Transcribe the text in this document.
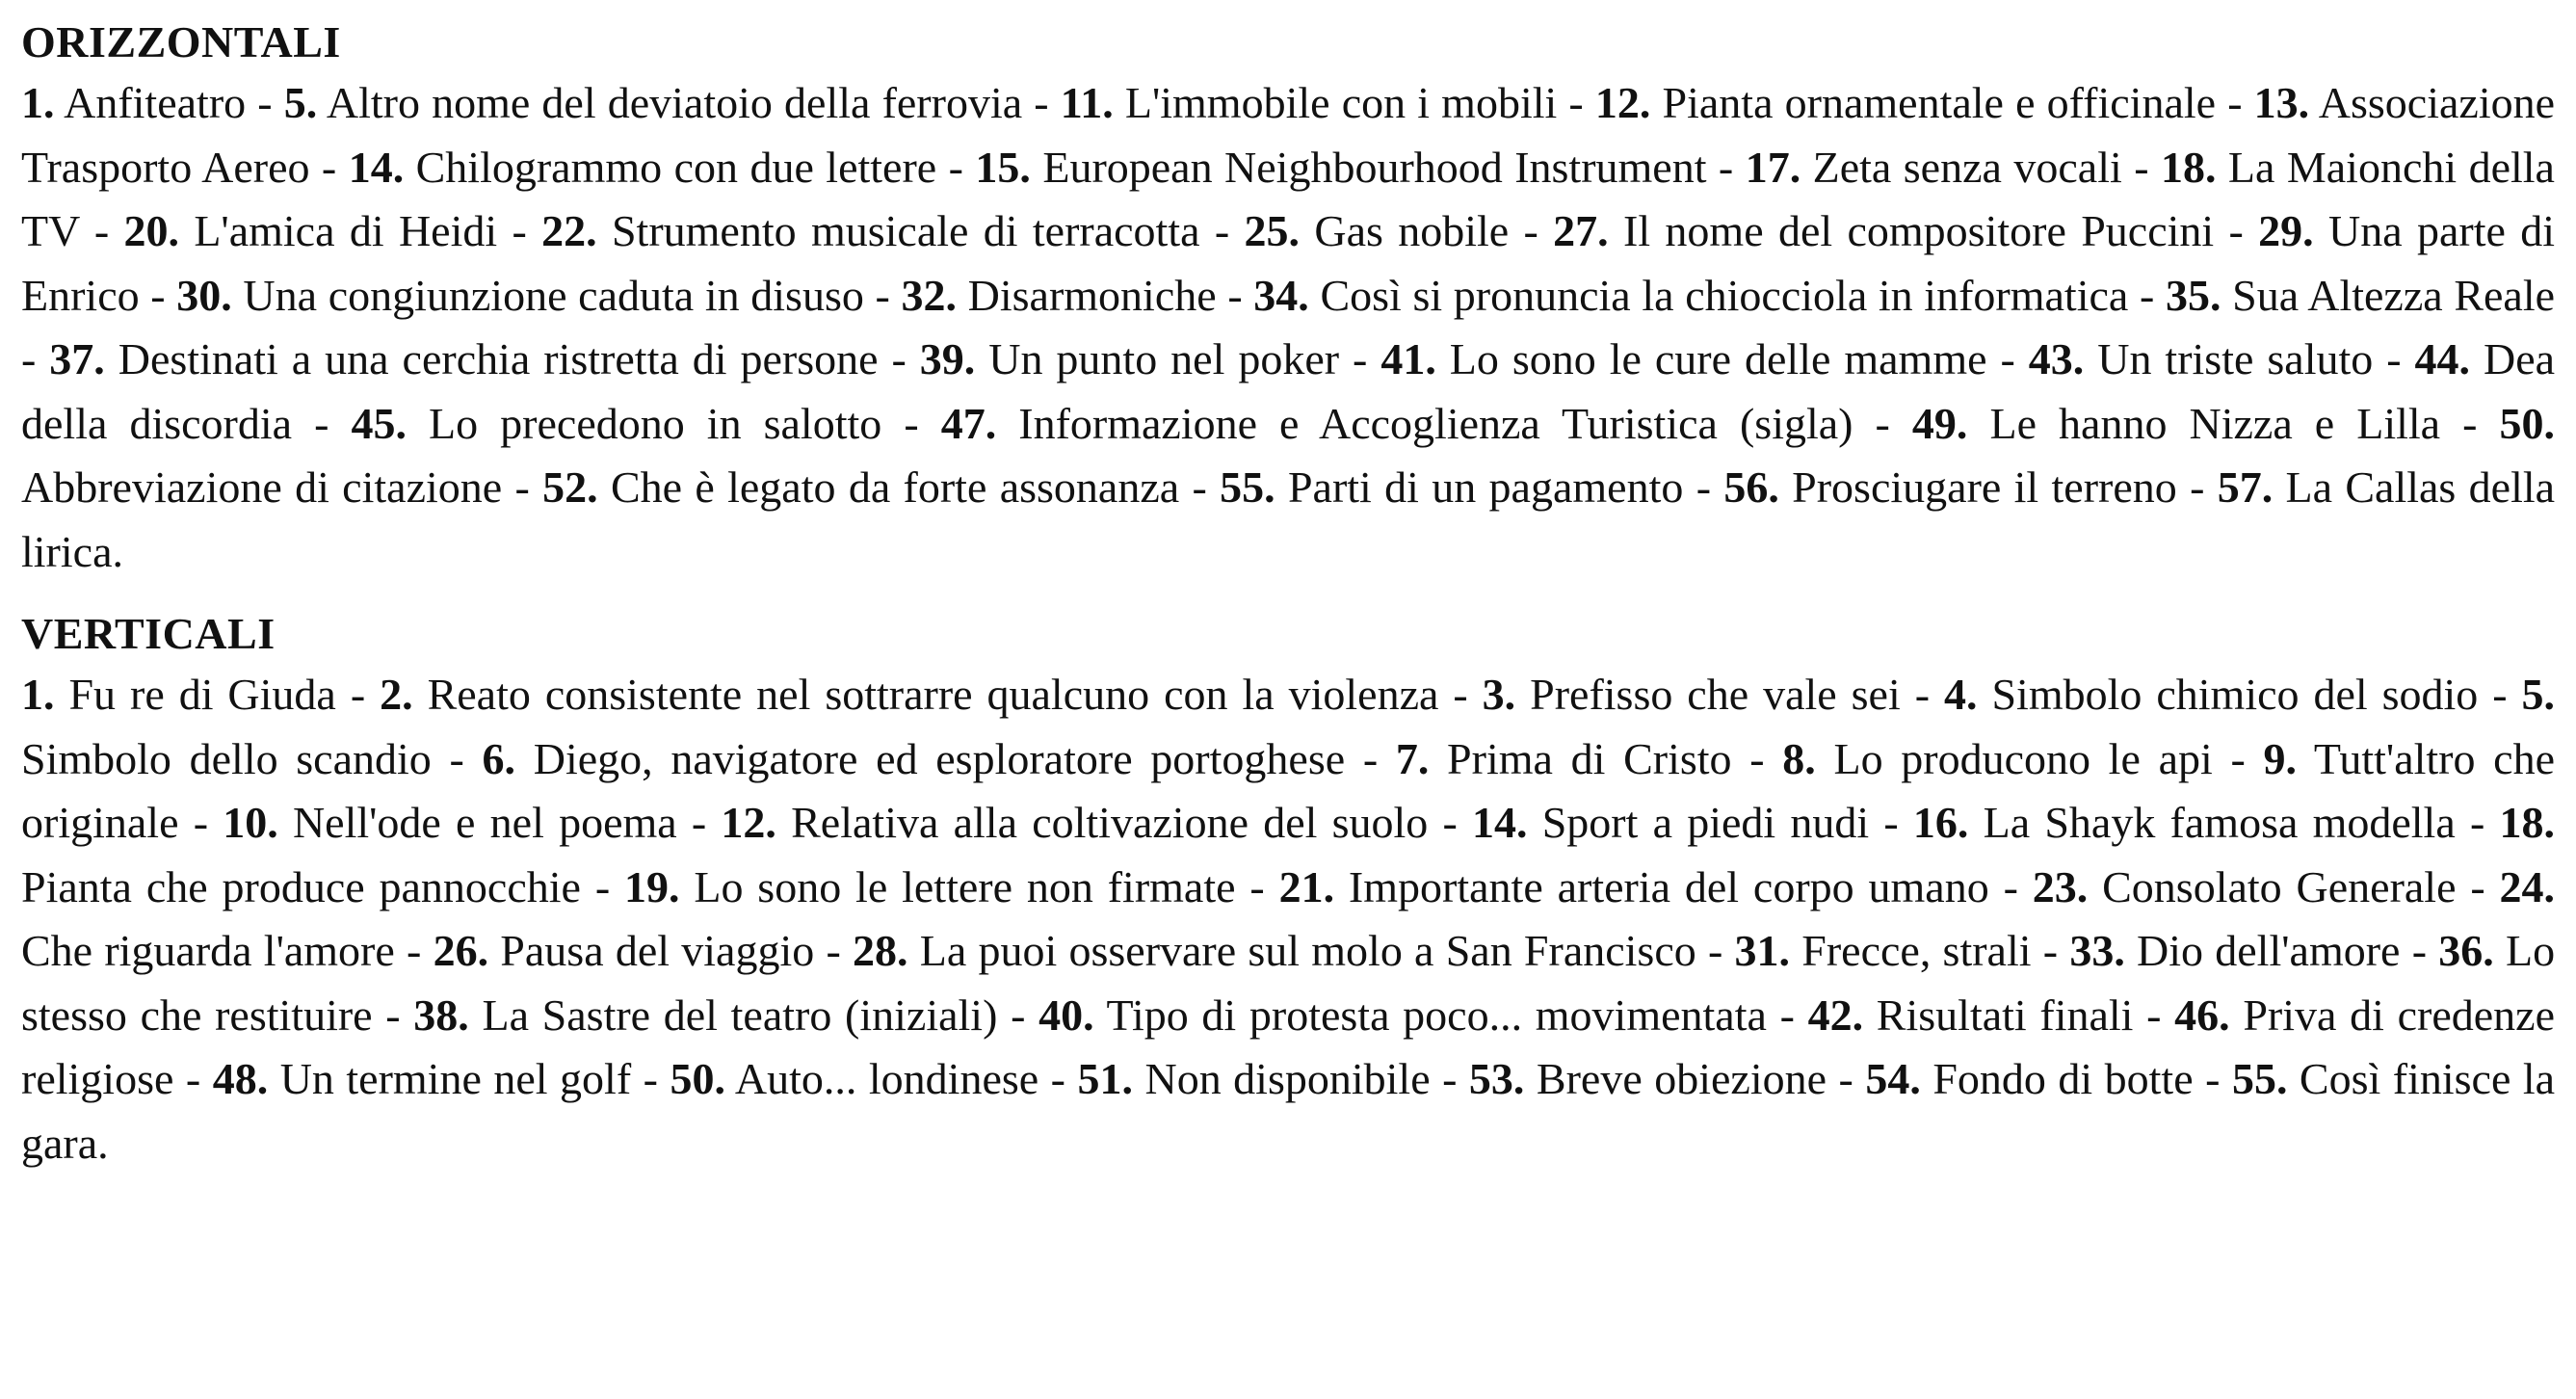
ORIZZONTALI

1. Anfiteatro - 5. Altro nome del deviatoio della ferrovia - 11. L'immobile con i mobili - 12. Pianta ornamentale e officinale - 13. Associazione Trasporto Aereo - 14. Chilogrammo con due lettere - 15. European Neighbourhood Instrument - 17. Zeta senza vocali - 18. La Maionchi della TV - 20. L'amica di Heidi - 22. Strumento musicale di terracotta - 25. Gas nobile - 27. Il nome del compositore Puccini - 29. Una parte di Enrico - 30. Una congiunzione caduta in disuso - 32. Disarmoniche - 34. Così si pronuncia la chiocciola in informatica - 35. Sua Altezza Reale - 37. Destinati a una cerchia ristretta di persone - 39. Un punto nel poker - 41. Lo sono le cure delle mamme - 43. Un triste saluto - 44. Dea della discordia - 45. Lo precedono in salotto - 47. Informazione e Accoglienza Turistica (sigla) - 49. Le hanno Nizza e Lilla - 50. Abbreviazione di citazione - 52. Che è legato da forte assonanza - 55. Parti di un pagamento - 56. Prosciugare il terreno - 57. La Callas della lirica.

VERTICALI

1. Fu re di Giuda - 2. Reato consistente nel sottrarre qualcuno con la violenza - 3. Prefisso che vale sei - 4. Simbolo chimico del sodio - 5. Simbolo dello scandio - 6. Diego, navigatore ed esploratore portoghese - 7. Prima di Cristo - 8. Lo producono le api - 9. Tutt'altro che originale - 10. Nell'ode e nel poema - 12. Relativa alla coltivazione del suolo - 14. Sport a piedi nudi - 16. La Shayk famosa modella - 18. Pianta che produce pannocchie - 19. Lo sono le lettere non firmate - 21. Importante arteria del corpo umano - 23. Consolato Generale - 24. Che riguarda l'amore - 26. Pausa del viaggio - 28. La puoi osservare sul molo a San Francisco - 31. Frecce, strali - 33. Dio dell'amore - 36. Lo stesso che restituire - 38. La Sastre del teatro (iniziali) - 40. Tipo di protesta poco... movimentata - 42. Risultati finali - 46. Priva di credenze religiose - 48. Un termine nel golf - 50. Auto... londinese - 51. Non disponibile - 53. Breve obiezione - 54. Fondo di botte - 55. Così finisce la gara.
